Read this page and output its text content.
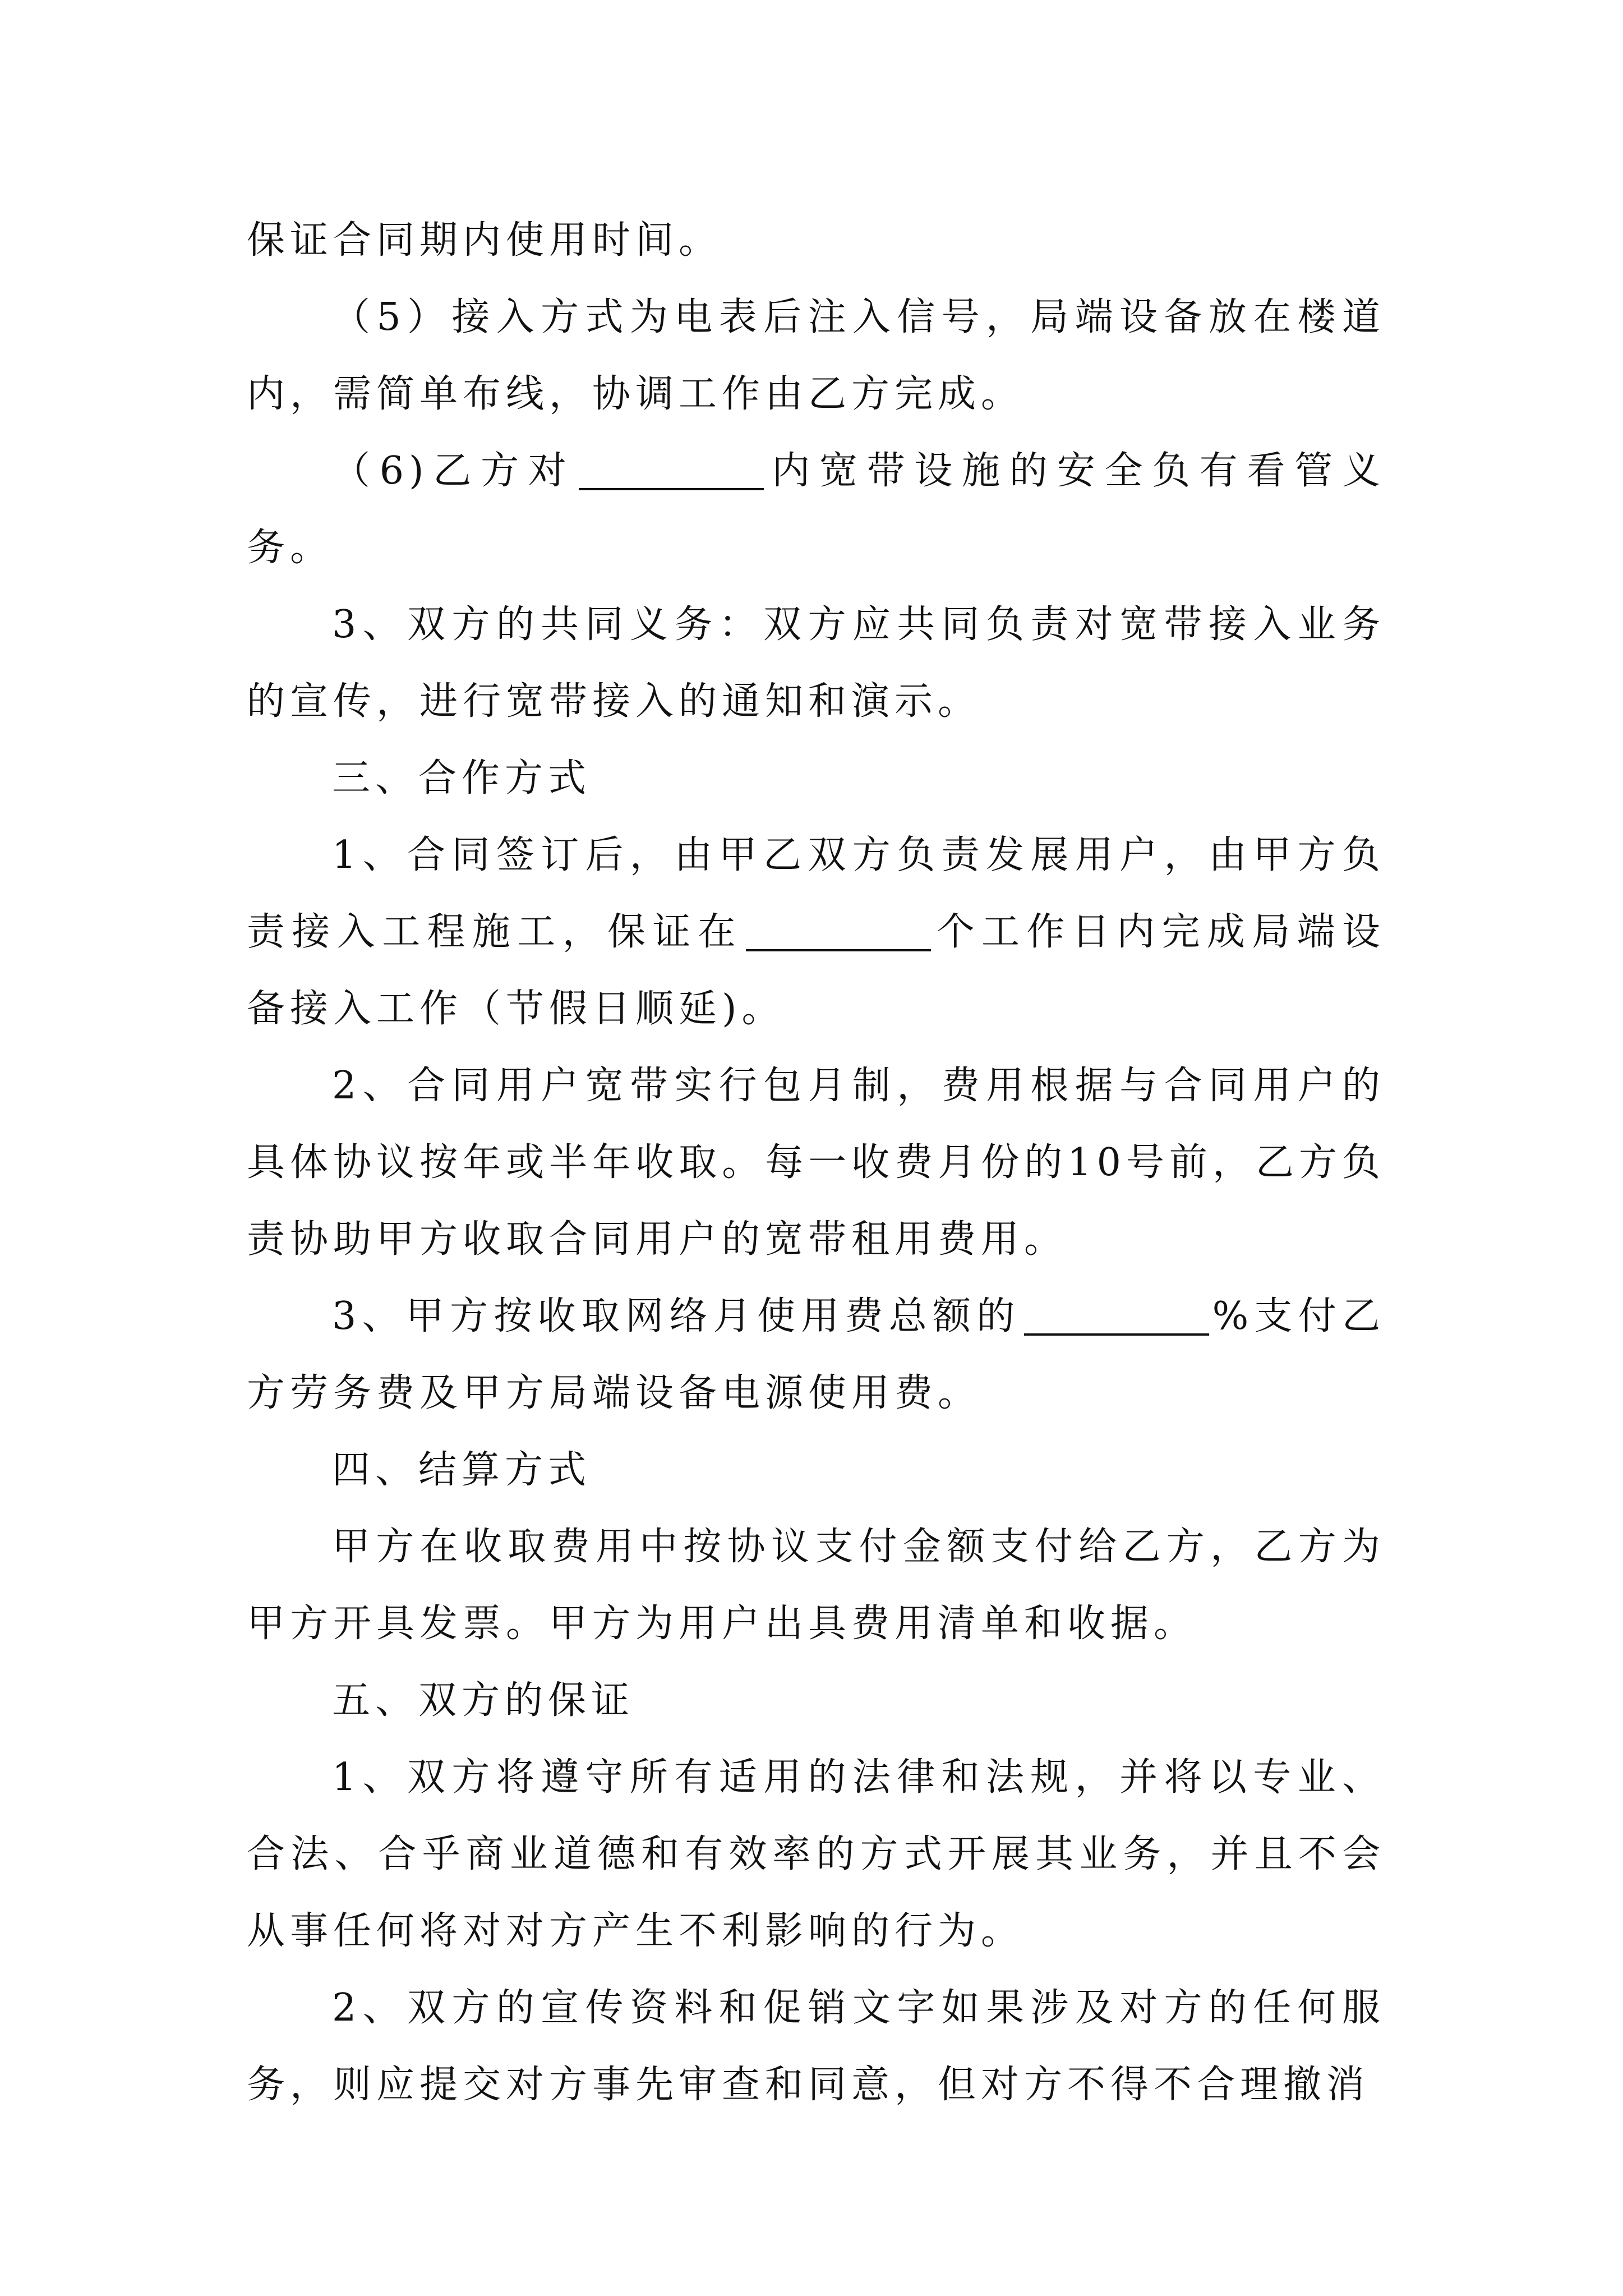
保证合同期内使用时间。

（5）接入方式为电表后注入信号，局端设备放在楼道内，需简单布线，协调工作由乙方完成。

（6)乙方对	内宽带设施的安全负有看管义务。

3、双方的共同义务：双方应共同负责对宽带接入业务的宣传，进行宽带接入的通知和演示。

三、合作方式

1、合同签订后，由甲乙双方负责发展用户，由甲方负责接入工程施工，保证在	个工作日内完成局端设备接入工作（节假日顺延)。

2、合同用户宽带实行包月制，费用根据与合同用户的具体协议按年或半年收取。每一收费月份的10号前，乙方负责协助甲方收取合同用户的宽带租用费用。

3、甲方按收取网络月使用费总额的	%支付乙方劳务费及甲方局端设备电源使用费。

四、结算方式

甲方在收取费用中按协议支付金额支付给乙方，乙方为甲方开具发票。甲方为用户出具费用清单和收据。

五、双方的保证

1、双方将遵守所有适用的法律和法规，并将以专业、合法、合乎商业道德和有效率的方式开展其业务，并且不会从事任何将对对方产生不利影响的行为。

2、双方的宣传资料和促销文字如果涉及对方的任何服务，则应提交对方事先审查和同意，但对方不得不合理撤消
